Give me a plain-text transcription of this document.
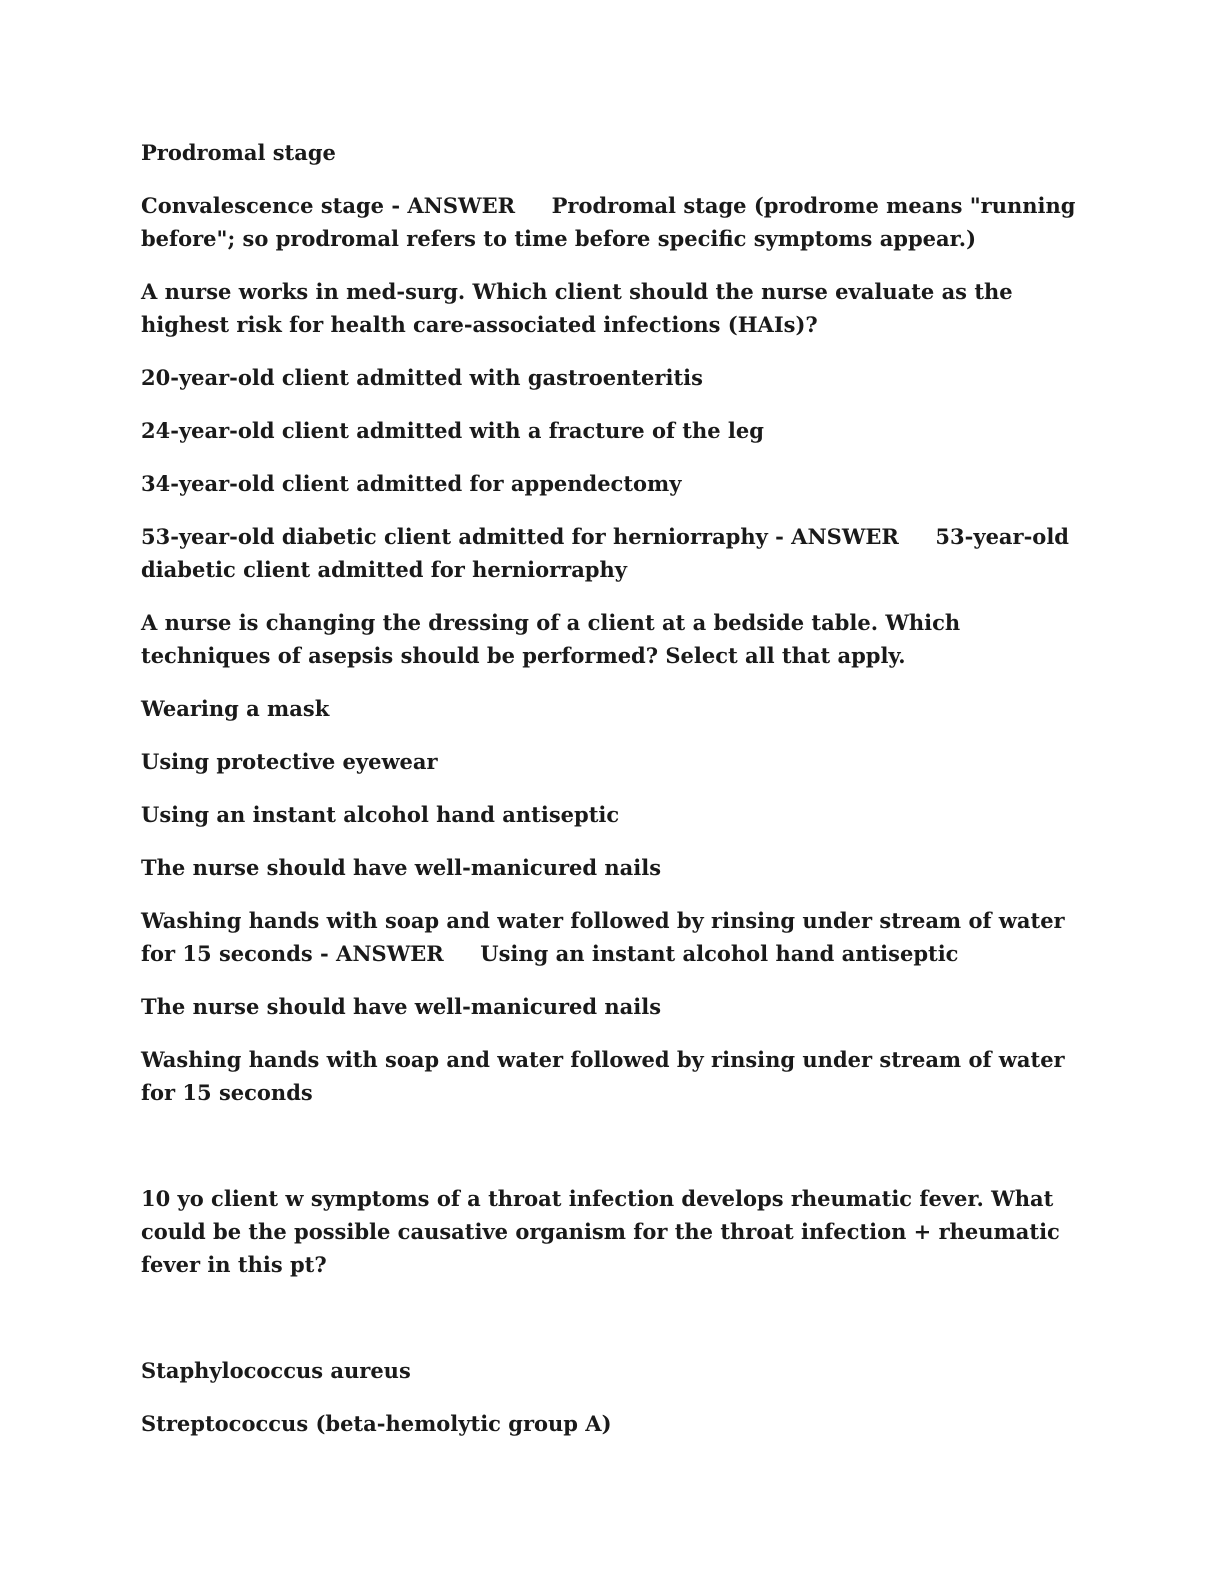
Prodromal stage

Convalescence stage - ANSWER     Prodromal stage (prodrome means "running before"; so prodromal refers to time before specific symptoms appear.)

A nurse works in med-surg. Which client should the nurse evaluate as the highest risk for health care-associated infections (HAIs)?

20-year-old client admitted with gastroenteritis

24-year-old client admitted with a fracture of the leg

34-year-old client admitted for appendectomy

53-year-old diabetic client admitted for herniorraphy - ANSWER     53-year-old diabetic client admitted for herniorraphy

A nurse is changing the dressing of a client at a bedside table. Which techniques of asepsis should be performed? Select all that apply.

Wearing a mask

Using protective eyewear

Using an instant alcohol hand antiseptic

The nurse should have well-manicured nails

Washing hands with soap and water followed by rinsing under stream of water for 15 seconds - ANSWER     Using an instant alcohol hand antiseptic

The nurse should have well-manicured nails

Washing hands with soap and water followed by rinsing under stream of water for 15 seconds

10 yo client w symptoms of a throat infection develops rheumatic fever. What could be the possible causative organism for the throat infection + rheumatic fever in this pt?

Staphylococcus aureus

Streptococcus (beta-hemolytic group A)
